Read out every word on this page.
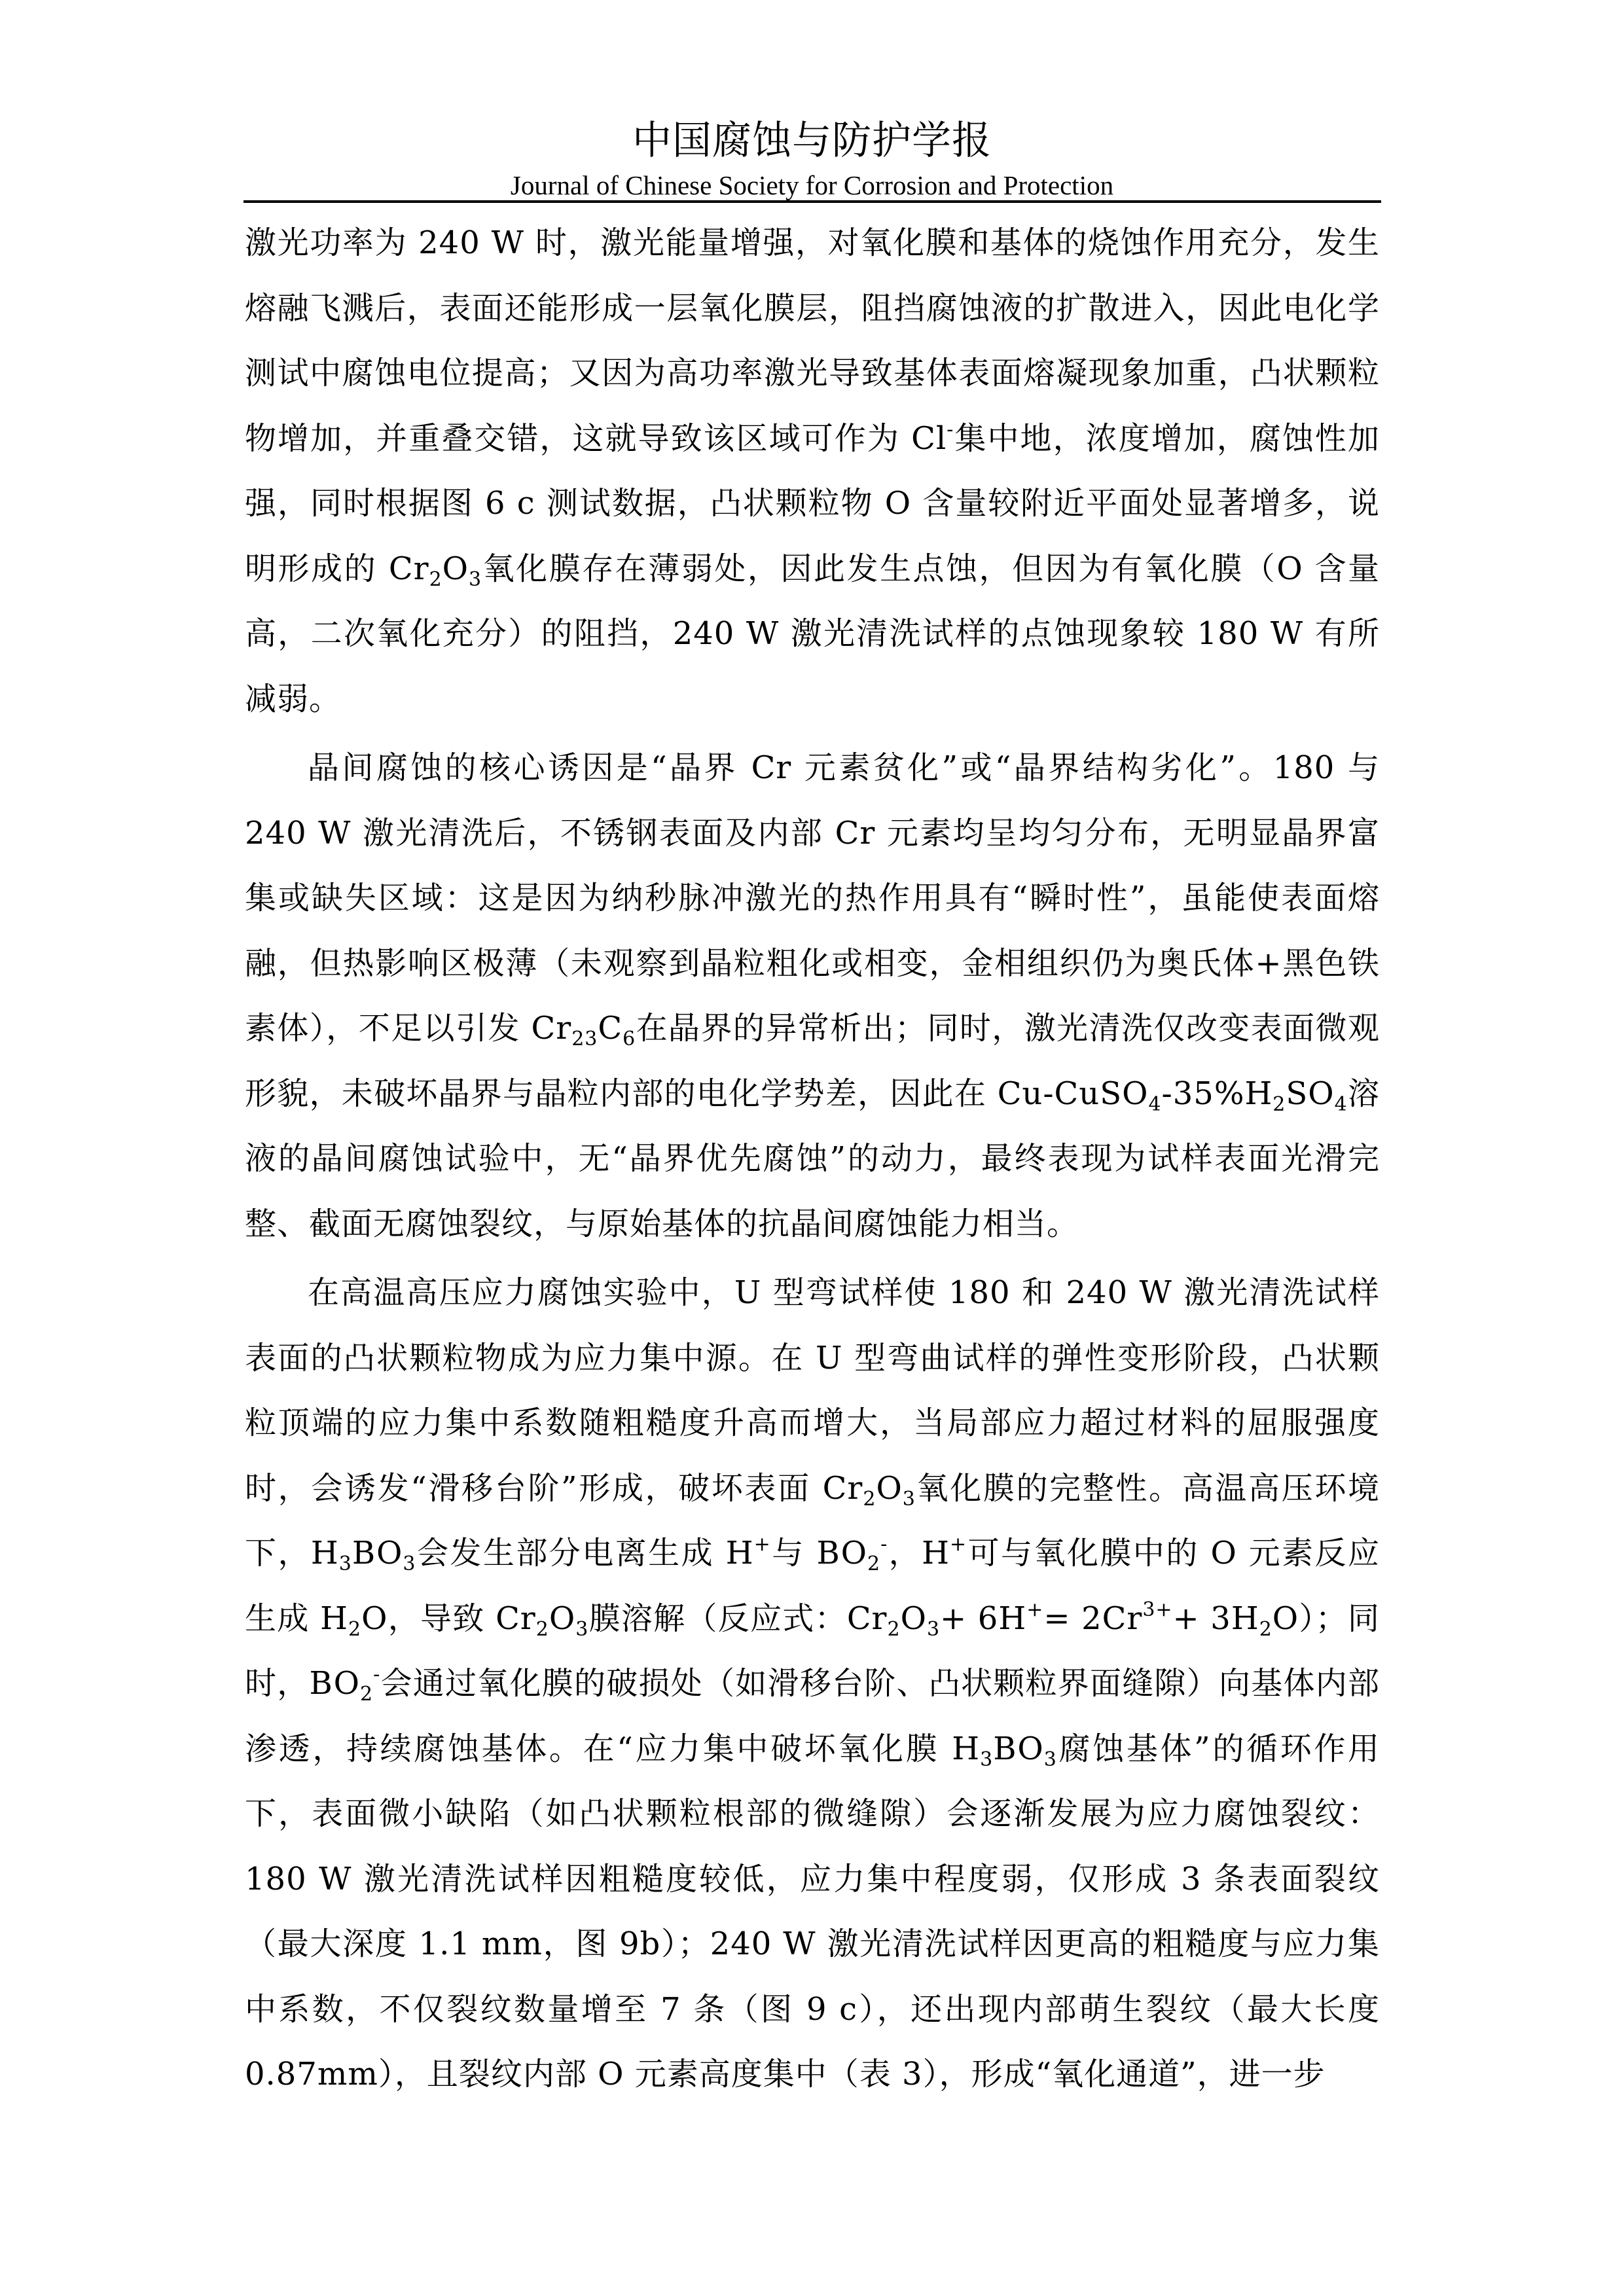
中国腐蚀与防护学报
Journal of Chinese Society for Corrosion and Protection

激光功率为 240 W 时，激光能量增强，对氧化膜和基体的烧蚀作用充分，发生熔融飞溅后，表面还能形成一层氧化膜层，阻挡腐蚀液的扩散进入，因此电化学测试中腐蚀电位提高；又因为高功率激光导致基体表面熔凝现象加重，凸状颗粒物增加，并重叠交错，这就导致该区域可作为 Cl-集中地，浓度增加，腐蚀性加强，同时根据图 6 c 测试数据，凸状颗粒物 O 含量较附近平面处显著增多，说明形成的 $Cr_2O_3$氧化膜存在薄弱处，因此发生点蚀，但因为有氧化膜（O 含量高，二次氧化充分）的阻挡，240 W 激光清洗试样的点蚀现象较 180 W 有所减弱。

晶间腐蚀的核心诱因是“晶界 Cr 元素贫化”或“晶界结构劣化”。180 与 240 W 激光清洗后，不锈钢表面及内部 Cr 元素均呈均匀分布，无明显晶界富集或缺失区域：这是因为纳秒脉冲激光的热作用具有“瞬时性”，虽能使表面熔融，但热影响区极薄（未观察到晶粒粗化或相变，金相组织仍为奥氏体+黑色铁素体），不足以引发 $Cr_{23}C_6$在晶界的异常析出；同时，激光清洗仅改变表面微观形貌，未破坏晶界与晶粒内部的电化学势差，因此在 $Cu-CuSO_4-35\%H_2SO_4$溶液的晶间腐蚀试验中，无“晶界优先腐蚀”的动力，最终表现为试样表面光滑完整、截面无腐蚀裂纹，与原始基体的抗晶间腐蚀能力相当。

在高温高压应力腐蚀实验中，U 型弯试样使 180 和 240 W 激光清洗试样表面的凸状颗粒物成为应力集中源。在 U 型弯曲试样的弹性变形阶段，凸状颗粒顶端的应力集中系数随粗糙度升高而增大，当局部应力超过材料的屈服强度时，会诱发“滑移台阶”形成，破坏表面 $Cr_2O_3$氧化膜的完整性。高温高压环境下，$H_3BO_3$会发生部分电离生成 H+与 $BO_2^-$，H+可与氧化膜中的 O 元素反应生成 $H_2O$，导致 $Cr_2O_3$膜溶解（反应式：$Cr_2O_3+ 6H^+= 2Cr^{3+}+ 3H_2O$）；同时，$BO_2^-$会通过氧化膜的破损处（如滑移台阶、凸状颗粒界面缝隙）向基体内部渗透，持续腐蚀基体。在“应力集中破坏氧化膜 $H_3BO_3$腐蚀基体”的循环作用下，表面微小缺陷（如凸状颗粒根部的微缝隙）会逐渐发展为应力腐蚀裂纹：180 W 激光清洗试样因粗糙度较低，应力集中程度弱，仅形成 3 条表面裂纹（最大深度 1.1 mm，图 9b）；240 W 激光清洗试样因更高的粗糙度与应力集中系数，不仅裂纹数量增至 7 条（图 9 c），还出现内部萌生裂纹（最大长度 0.87mm），且裂纹内部 O 元素高度集中（表 3），形成“氧化通道”，进一步
